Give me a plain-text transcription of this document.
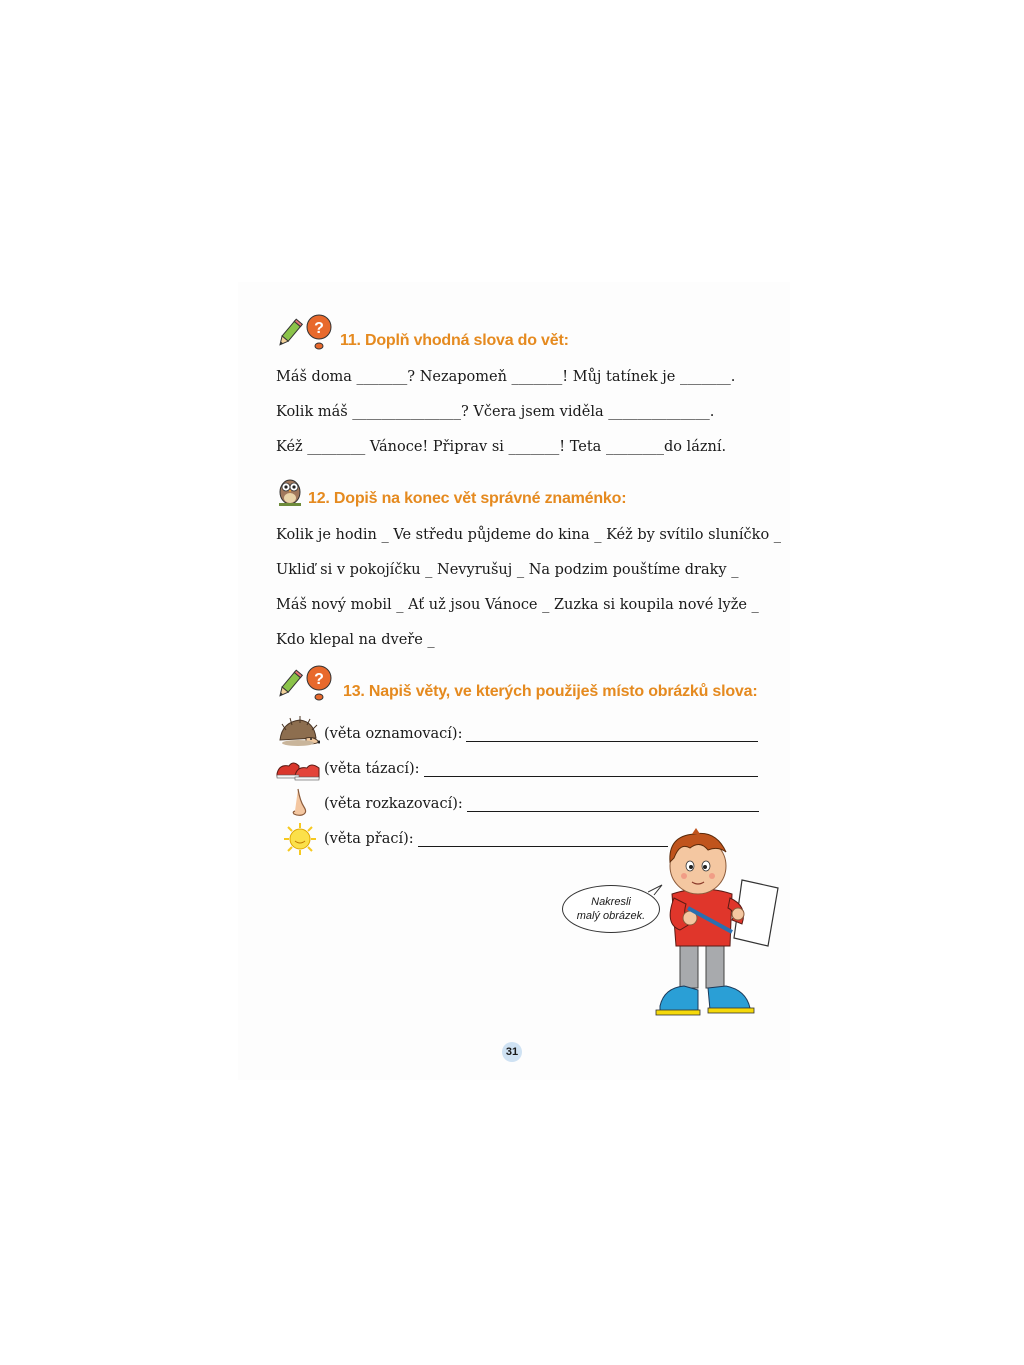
?
11. Doplň vhodná slova do vět:
Máš doma _______? Nezapomeň _______! Můj tatínek je _______.
Kolik máš _______________? Včera jsem viděla ______________.
Kéž ________ Vánoce! Připrav si _______! Teta ________do lázní.
12. Dopiš na konec vět správné znaménko:
Kolik je hodin _ Ve středu půjdeme do kina _ Kéž by svítilo sluníčko _
Ukliď si v pokojíčku _ Nevyrušuj _ Na podzim pouštíme draky _
Máš nový mobil _ Ať už jsou Vánoce _ Zuzka si koupila nové lyže _
Kdo klepal na dveře _
?
13. Napiš věty, ve kterých použiješ místo obrázků slova:
(věta oznamovací):
(věta tázací):
(věta rozkazovací):
(věta přací):
Nakresli
malý obrázek.
31
